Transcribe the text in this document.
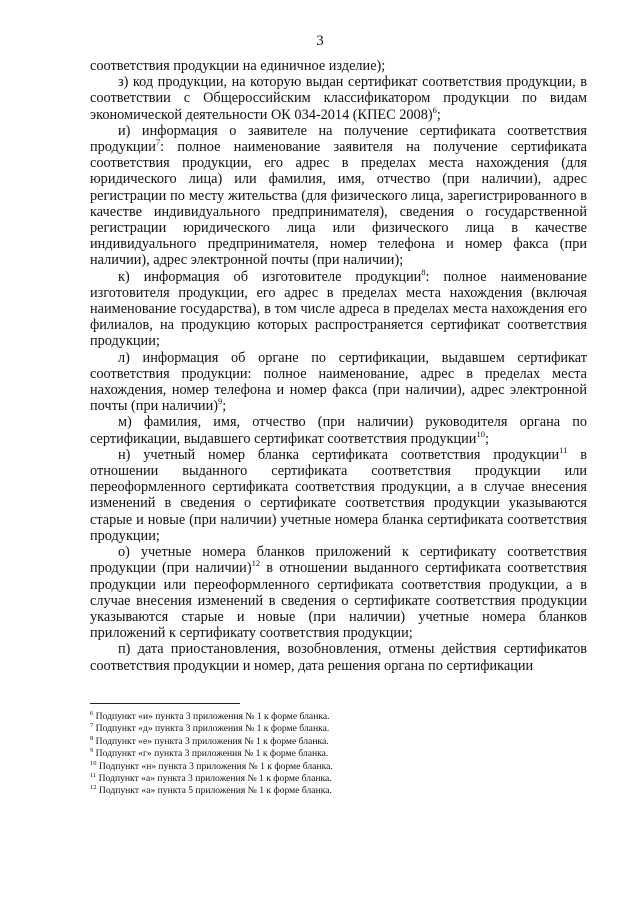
3

соответствия продукции на единичное изделие);

з) код продукции, на которую выдан сертификат соответствия продукции, в соответствии с Общероссийским классификатором продукции по видам экономической деятельности ОК 034-2014 (КПЕС 2008)$^6$;

и) информация о заявителе на получение сертификата соответствия продукции$^7$: полное наименование заявителя на получение сертификата соответствия продукции, его адрес в пределах места нахождения (для юридического лица) или фамилия, имя, отчество (при наличии), адрес регистрации по месту жительства (для физического лица, зарегистрированного в качестве индивидуального предпринимателя), сведения о государственной регистрации юридического лица или физического лица в качестве индивидуального предпринимателя, номер телефона и номер факса (при наличии), адрес электронной почты (при наличии);

к) информация об изготовителе продукции$^8$: полное наименование изготовителя продукции, его адрес в пределах места нахождения (включая наименование государства), в том числе адреса в пределах места нахождения его филиалов, на продукцию которых распространяется сертификат соответствия продукции;

л) информация об органе по сертификации, выдавшем сертификат соответствия продукции: полное наименование, адрес в пределах места нахождения, номер телефона и номер факса (при наличии), адрес электронной почты (при наличии)$^9$;

м) фамилия, имя, отчество (при наличии) руководителя органа по сертификации, выдавшего сертификат соответствия продукции$^{10}$;

н) учетный номер бланка сертификата соответствия продукции$^{11}$ в отношении выданного сертификата соответствия продукции или переоформленного сертификата соответствия продукции, а в случае внесения изменений в сведения о сертификате соответствия продукции указываются старые и новые (при наличии) учетные номера бланка сертификата соответствия продукции;

о) учетные номера бланков приложений к сертификату соответствия продукции (при наличии)$^{12}$ в отношении выданного сертификата соответствия продукции или переоформленного сертификата соответствия продукции, а в случае внесения изменений в сведения о сертификате соответствия продукции указываются старые и новые (при наличии) учетные номера бланков приложений к сертификату соответствия продукции;

п) дата приостановления, возобновления, отмены действия сертификатов соответствия продукции и номер, дата решения органа по сертификации

$^6$ Подпункт «и» пункта 3 приложения № 1 к форме бланка.
$^7$ Подпункт «д» пункта 3 приложения № 1 к форме бланка.
$^8$ Подпункт «е» пункта 3 приложения № 1 к форме бланка.
$^9$ Подпункт «г» пункта 3 приложения № 1 к форме бланка.
$^{10}$ Подпункт «н» пункта 3 приложения № 1 к форме бланка.
$^{11}$ Подпункт «а» пункта 3 приложения № 1 к форме бланка.
$^{12}$ Подпункт «а» пункта 5 приложения № 1 к форме бланка.
